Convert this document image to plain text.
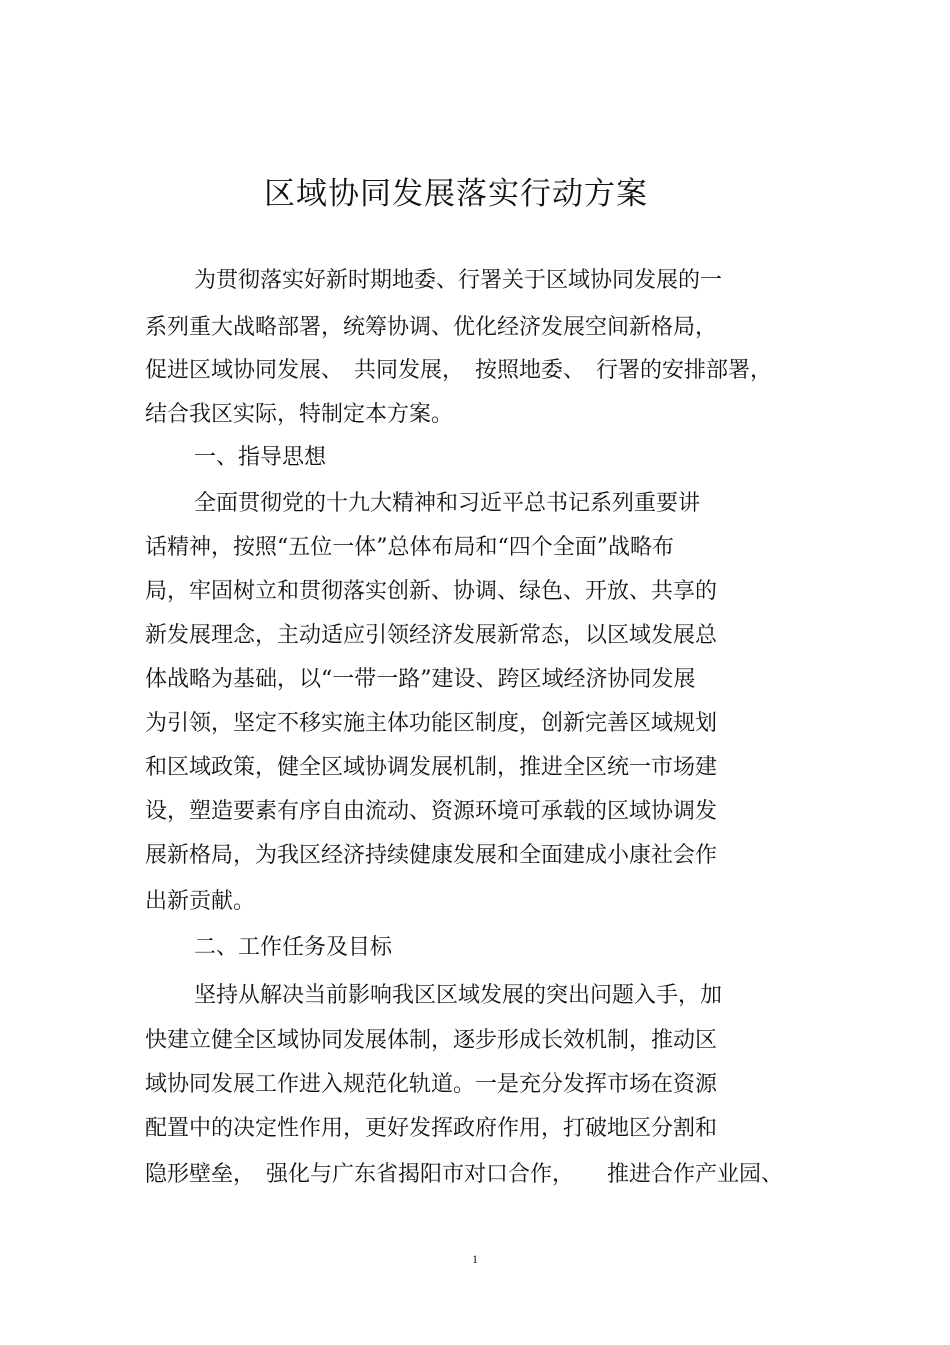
区域协同发展落实行动方案
为贯彻落实好新时期地委、行署关于区域协同发展的一
系列重大战略部署，统筹协调、优化经济发展空间新格局，
促进区域协同发展、　共同发展，　按照地委、　行署的安排部署，
结合我区实际，特制定本方案。
一、指导思想
全面贯彻党的十九大精神和习近平总书记系列重要讲
话精神，按照“五位一体”总体布局和“四个全面”战略布
局，牢固树立和贯彻落实创新、协调、绿色、开放、共享的
新发展理念，主动适应引领经济发展新常态，以区域发展总
体战略为基础，以“一带一路”建设、跨区域经济协同发展
为引领，坚定不移实施主体功能区制度，创新完善区域规划
和区域政策，健全区域协调发展机制，推进全区统一市场建
设，塑造要素有序自由流动、资源环境可承载的区域协调发
展新格局，为我区经济持续健康发展和全面建成小康社会作
出新贡献。
二、工作任务及目标
坚持从解决当前影响我区区域发展的突出问题入手，加
快建立健全区域协同发展体制，逐步形成长效机制，推动区
域协同发展工作进入规范化轨道。一是充分发挥市场在资源
配置中的决定性作用，更好发挥政府作用，打破地区分割和
隐形壁垒，　强化与广东省揭阳市对口合作，　　推进合作产业园、
1
